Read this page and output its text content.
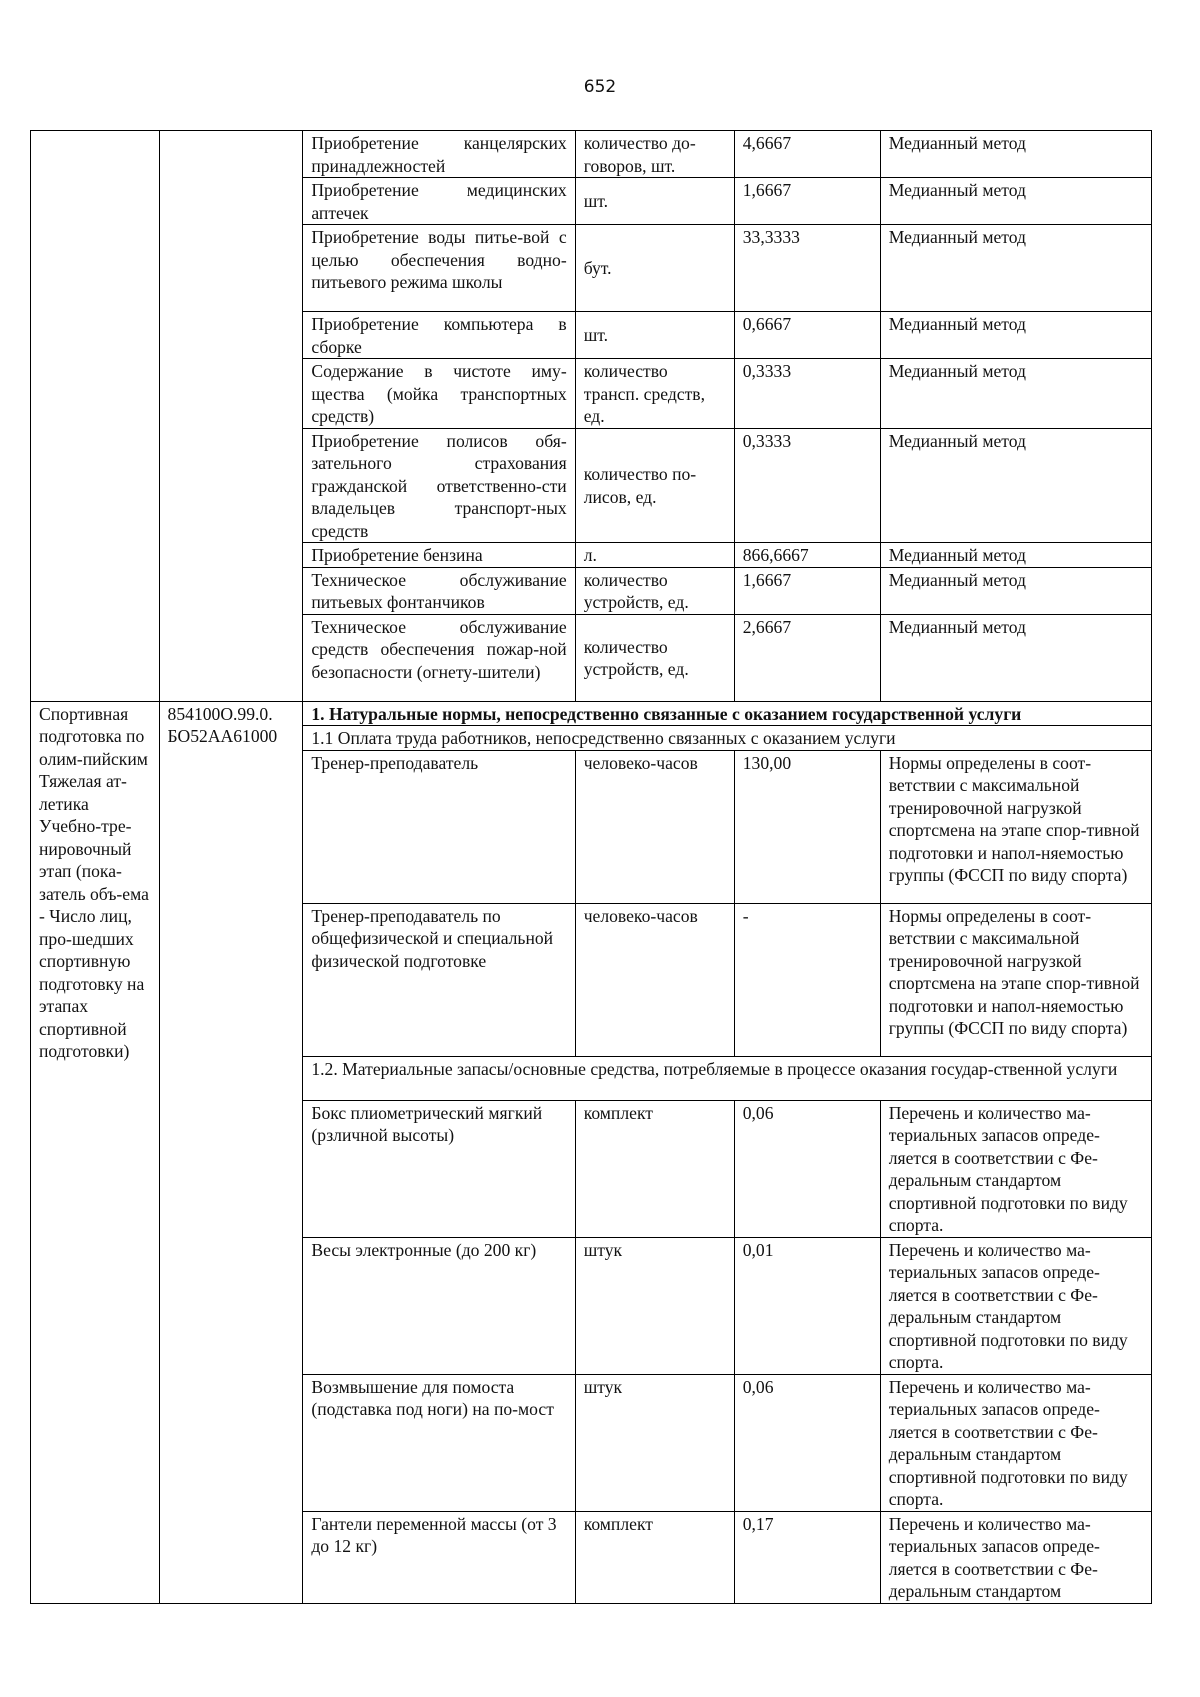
652
		Приобретение канцелярских принадлежностей	количество до-говоров, шт.	4,6667	Медианный метод
		Приобретение медицинских аптечек	шт.	1,6667	Медианный метод
		Приобретение воды питье-вой с целью обеспечения водно-питьевого режима школы	бут.	33,3333	Медианный метод
		Приобретение компьютера в сборке	шт.	0,6667	Медианный метод
		Содержание в чистоте иму-щества (мойка транспортных средств)	количество трансп. средств, ед.	0,3333	Медианный метод
		Приобретение полисов обя-зательного страхования гражданской ответственно-сти владельцев транспорт-ных средств	количество по-лисов, ед.	0,3333	Медианный метод
		Приобретение бензина	л.	866,6667	Медианный метод
		Техническое обслуживание питьевых фонтанчиков	количество устройств, ед.	1,6667	Медианный метод
		Техническое обслуживание средств обеспечения пожар-ной безопасности (огнету-шители)	количество устройств, ед.	2,6667	Медианный метод
Спортивная подготовка по олим-пийским Тяжелая ат-летика Учебно-тре-нировочный этап (пока-затель объ-ема - Число лиц, про-шедших спортивную подготовку на этапах спортивной подготовки)	854100О.99.0. БО52АА61000	1. Натуральные нормы, непосредственно связанные с оказанием государственной услуги			
		1.1 Оплата труда работников, непосредственно связанных с оказанием услуги			
		Тренер-преподаватель	человеко-часов	130,00	Нормы определены в соот-ветствии с максимальной тренировочной нагрузкой спортсмена на этапе спор-тивной подготовки и напол-няемостью группы (ФССП по виду спорта)
		Тренер-преподаватель по общефизической и специальной физической подготовке	человеко-часов	-	Нормы определены в соот-ветствии с максимальной тренировочной нагрузкой спортсмена на этапе спор-тивной подготовки и напол-няемостью группы (ФССП по виду спорта)
		1.2. Материальные запасы/основные средства, потребляемые в процессе оказания государ-ственной услуги			
		Бокс плиометрический мягкий (рзличной высоты)	комплект	0,06	Перечень и количество ма-териальных запасов опреде-ляется в соответствии с Фе-деральным стандартом спортивной подготовки по виду спорта.
		Весы электронные (до 200 кг)	штук	0,01	Перечень и количество ма-териальных запасов опреде-ляется в соответствии с Фе-деральным стандартом спортивной подготовки по виду спорта.
		Возмвышение для помоста (подставка под ноги) на по-мост	штук	0,06	Перечень и количество ма-териальных запасов опреде-ляется в соответствии с Фе-деральным стандартом спортивной подготовки по виду спорта.
		Гантели переменной массы (от 3 до 12 кг)	комплект	0,17	Перечень и количество ма-териальных запасов опреде-ляется в соответствии с Фе-деральным стандартом
